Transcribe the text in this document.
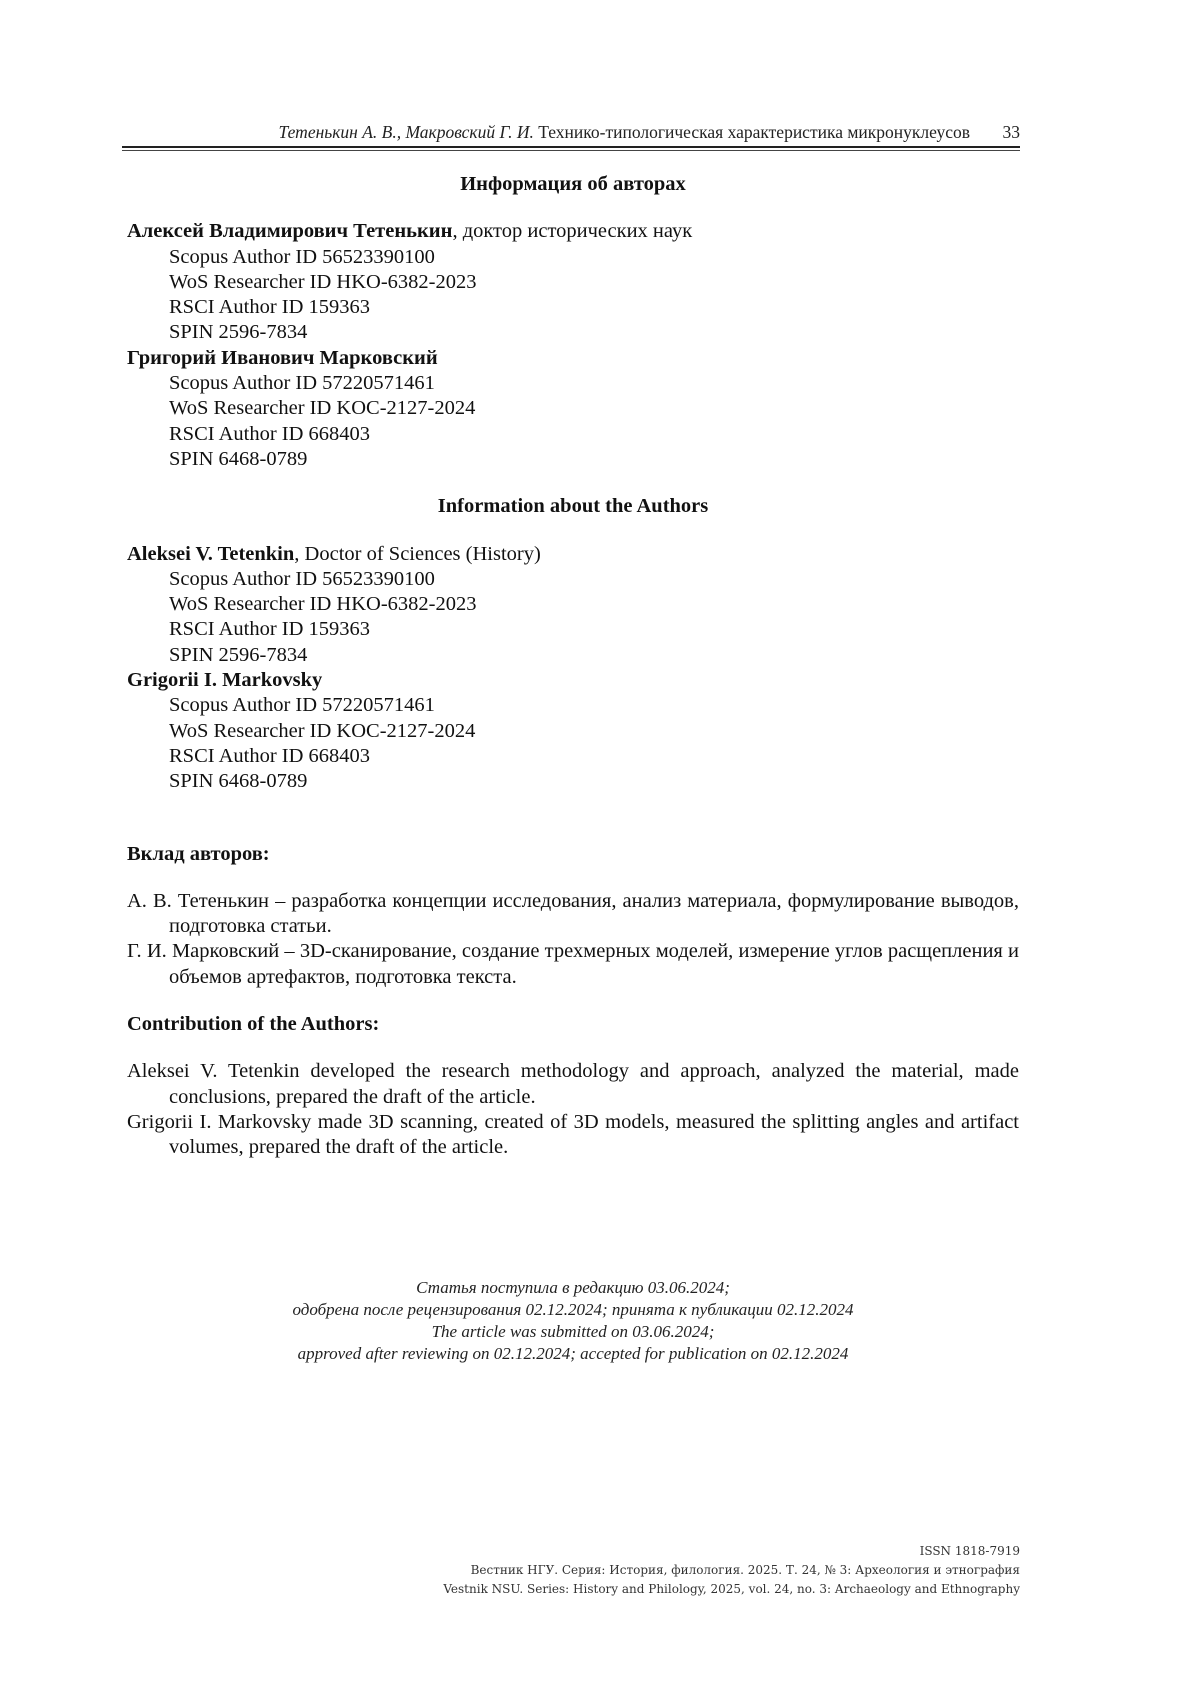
Тетенькин А. В., Макровский Г. И. Технико-типологическая характеристика микронуклеусов 33

Информация об авторах

Алексей Владимирович Тетенькин, доктор исторических наук
Scopus Author ID 56523390100
WoS Researcher ID HKO-6382-2023
RSCI Author ID 159363
SPIN 2596-7834
Григорий Иванович Марковский
Scopus Author ID 57220571461
WoS Researcher ID KOC-2127-2024
RSCI Author ID 668403
SPIN 6468-0789

Information about the Authors

Aleksei V. Tetenkin, Doctor of Sciences (History)
Scopus Author ID 56523390100
WoS Researcher ID HKO-6382-2023
RSCI Author ID 159363
SPIN 2596-7834
Grigorii I. Markovsky
Scopus Author ID 57220571461
WoS Researcher ID KOC-2127-2024
RSCI Author ID 668403
SPIN 6468-0789

Вклад авторов:

А. В. Тетенькин – разработка концепции исследования, анализ материала, формулирование выводов, подготовка статьи.
Г. И. Марковский – 3D-сканирование, создание трехмерных моделей, измерение углов расщепления и объемов артефактов, подготовка текста.

Contribution of the Authors:

Aleksei V. Tetenkin developed the research methodology and approach, analyzed the material, made conclusions, prepared the draft of the article.
Grigorii I. Markovsky made 3D scanning, created of 3D models, measured the splitting angles and artifact volumes, prepared the draft of the article.
Статья поступила в редакцию 03.06.2024;
одобрена после рецензирования 02.12.2024; принята к публикации 02.12.2024
The article was submitted on 03.06.2024;
approved after reviewing on 02.12.2024; accepted for publication on 02.12.2024
ISSN 1818-7919
Вестник НГУ. Серия: История, филология. 2025. Т. 24, № 3: Археология и этнография
Vestnik NSU. Series: History and Philology, 2025, vol. 24, no. 3: Archaeology and Ethnography
